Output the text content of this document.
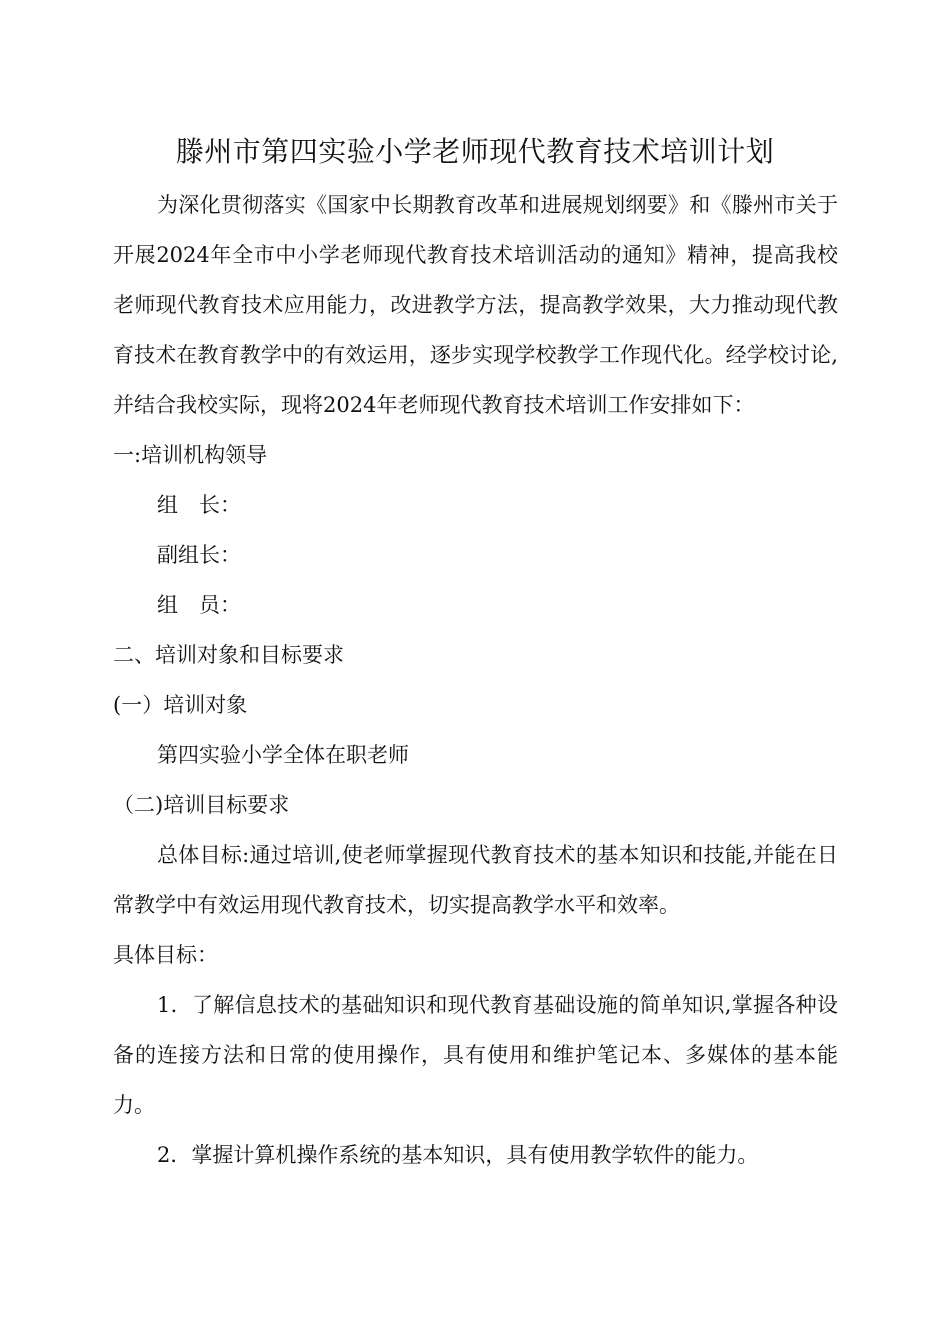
滕州市第四实验小学老师现代教育技术培训计划

为深化贯彻落实《国家中长期教育改革和进展规划纲要》和《滕州市关于开展2024年全市中小学老师现代教育技术培训活动的通知》精神，提高我校老师现代教育技术应用能力，改进教学方法，提高教学效果，大力推动现代教育技术在教育教学中的有效运用，逐步实现学校教学工作现代化。经学校讨论,并结合我校实际，现将2024年老师现代教育技术培训工作安排如下：

一:培训机构领导

组　长：

副组长：

组　员：

二、培训对象和目标要求

(一）培训对象

第四实验小学全体在职老师

（二)培训目标要求

总体目标:通过培训,使老师掌握现代教育技术的基本知识和技能,并能在日常教学中有效运用现代教育技术，切实提高教学水平和效率。

具体目标：

1．了解信息技术的基础知识和现代教育基础设施的简单知识,掌握各种设备的连接方法和日常的使用操作，具有使用和维护笔记本、多媒体的基本能力。

2．掌握计算机操作系统的基本知识，具有使用教学软件的能力。
